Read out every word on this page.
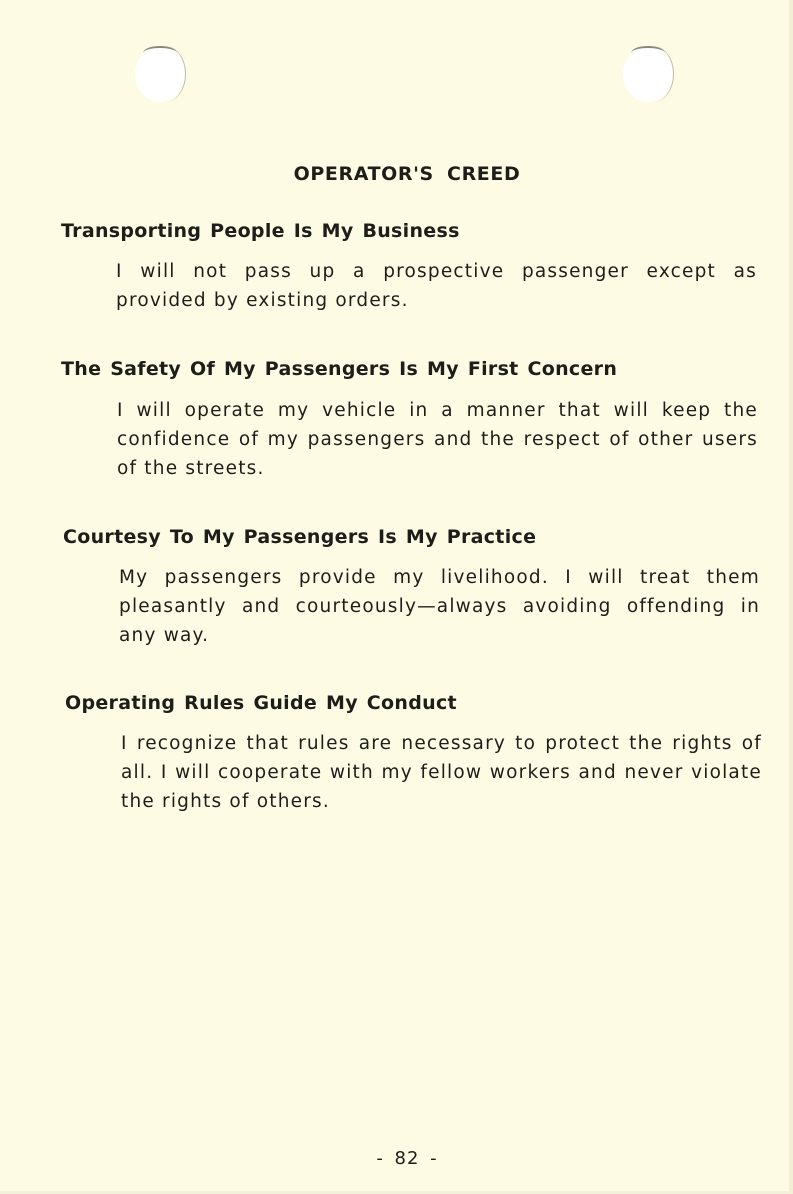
OPERATOR'S CREED
Transporting People Is My Business
I will not pass up a prospective passenger except as provided by existing orders.
The Safety Of My Passengers Is My First Concern
I will operate my vehicle in a manner that will keep the confidence of my passengers and the respect of other users of the streets.
Courtesy To My Passengers Is My Practice
My passengers provide my livelihood. I will treat them pleasantly and courteously—always avoiding offending in any way.
Operating Rules Guide My Conduct
I recognize that rules are necessary to protect the rights of all. I will cooperate with my fellow workers and never violate the rights of others.
- 82 -
